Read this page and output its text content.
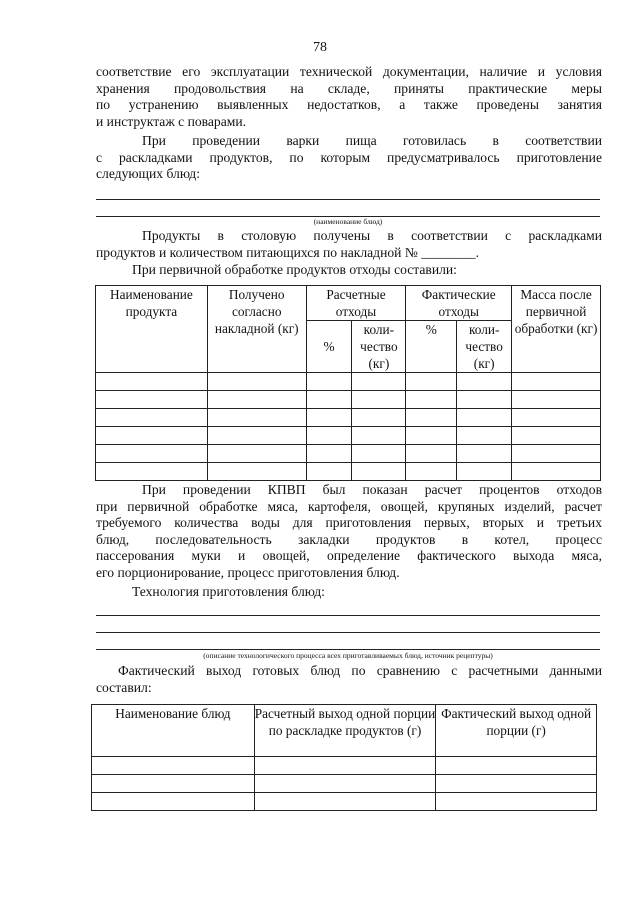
78
соответствие его эксплуатации технической документации, наличие и условия
хранения продовольствия на складе, приняты практические меры
по устранению выявленных недостатков, а также проведены занятия
и инструктаж с поварами.
При проведении варки пища готовилась в соответствии
с раскладками продуктов, по которым предусматривалось приготовление
следующих блюд:
(наименование блюд)
Продукты в столовую получены в соответствии с раскладками
продуктов и количеством питающихся по накладной № ________.
При первичной обработке продуктов отходы составили:
Наименование продукта	Получено согласно накладной (кг)	Расчетные отходы		Фактические отходы		Масса после первичной обработки (кг)
		%	коли-чество (кг)	%	коли-чество (кг)	

При проведении КПВП был показан расчет процентов отходов
при первичной обработке мяса, картофеля, овощей, крупяных изделий, расчет
требуемого количества воды для приготовления первых, вторых и третьих
блюд, последовательность закладки продуктов в котел, процесс
пассерования муки и овощей, определение фактического выхода мяса,
его порционирование, процесс приготовления блюд.
Технология приготовления блюд:
(описание технологического процесса всех приготавливаемых блюд, источник рецептуры)
Фактический выход готовых блюд по сравнению с расчетными данными
составил:
Наименование блюд	Расчетный выход одной порции по раскладке продуктов (г)	Фактический выход одной порции (г)
